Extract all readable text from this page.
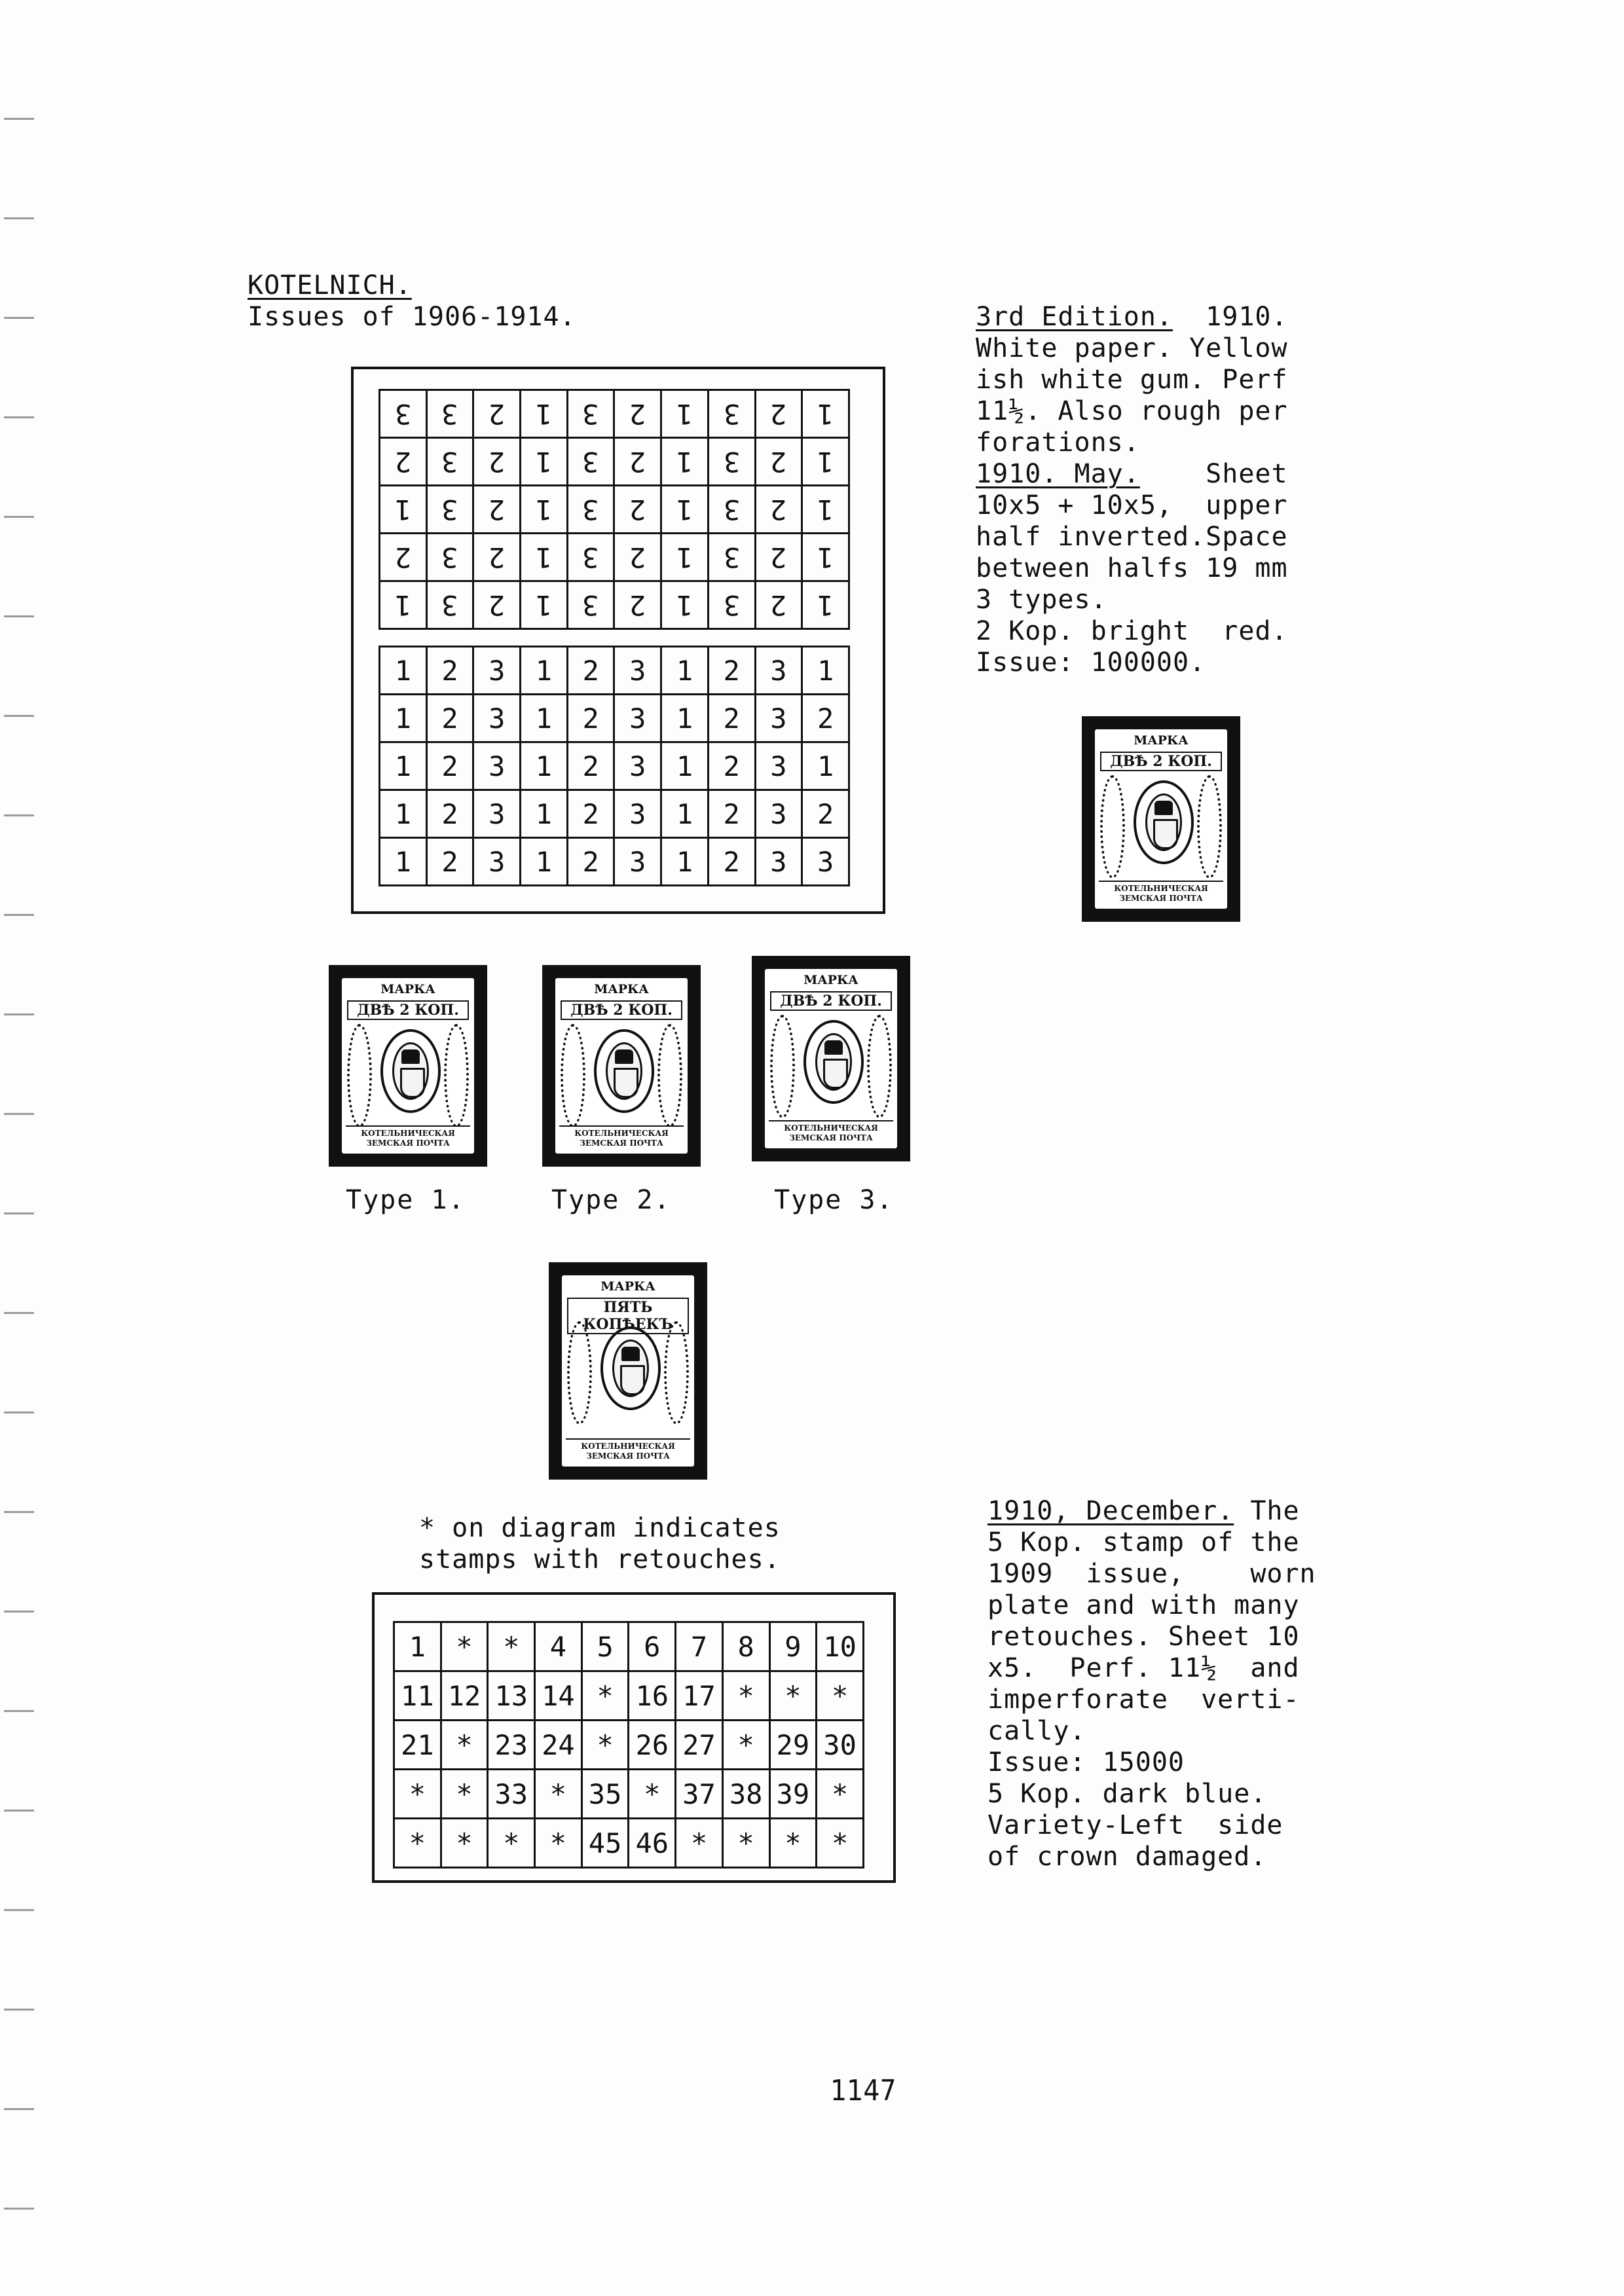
KOTELNICH.
Issues of 1906-1914.
3	3	2	1	3	2	1	3	2	1
2	3	2	1	3	2	1	3	2	1
1	3	2	1	3	2	1	3	2	1
2	3	2	1	3	2	1	3	2	1
1	3	2	1	3	2	1	3	2	1
1	2	3	1	2	3	1	2	3	1
1	2	3	1	2	3	1	2	3	2
1	2	3	1	2	3	1	2	3	1
1	2	3	1	2	3	1	2	3	2
1	2	3	1	2	3	1	2	3	3
3rd Edition. 1910.
White paper. Yellow
ish white gum. Perf
11½. Also rough per
forations.
1910. May.	Sheet
10x5 + 10x5,  upper
half inverted.Space
between halfs 19 mm
3 types.
2 Kop. bright  red.
Issue: 100000.
МАРКА
ДВѢ 2 КОП.
КОТЕЛЬНИЧЕСКАЯ
ЗЕМСКАЯ ПОЧТА
МАРКА
ДВѢ 2 КОП.
КОТЕЛЬНИЧЕСКАЯ
ЗЕМСКАЯ ПОЧТА
МАРКА
ДВѢ 2 КОП.
КОТЕЛЬНИЧЕСКАЯ
ЗЕМСКАЯ ПОЧТА
МАРКА
ДВѢ 2 КОП.
КОТЕЛЬНИЧЕСКАЯ
ЗЕМСКАЯ ПОЧТА
Type 1.	Type 2.	Type 3.
МАРКА
ПЯТЬ КОПѢЕКЪ
КОТЕЛЬНИЧЕСКАЯ
ЗЕМСКАЯ ПОЧТА
* on diagram indicates
stamps with retouches.
1	*	*	4	5	6	7	8	9	10
11	12	13	14	*	16	17	*	*	*
21	*	23	24	*	26	27	*	29	30
*	*	33	*	35	*	37	38	39	*
*	*	*	*	45	46	*	*	*	*
1910, December. The
5 Kop. stamp of the
1909  issue,    worn
plate and with many
retouches. Sheet 10
x5.  Perf. 11½  and
imperforate  verti-
cally.
Issue: 15000
5 Kop. dark blue.
Variety-Left  side
of crown damaged.
1147
